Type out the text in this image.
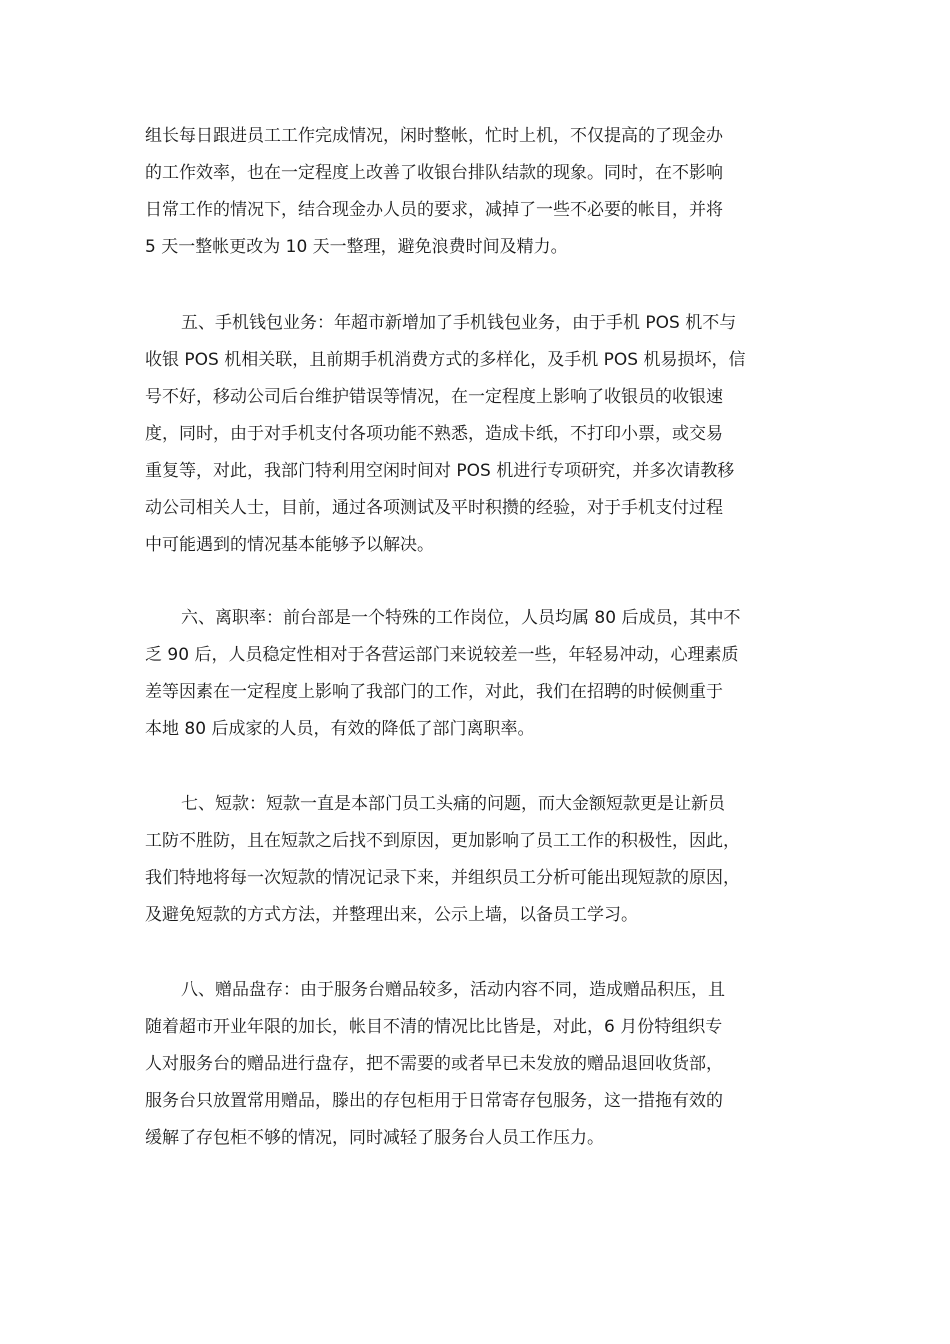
组长每日跟进员工工作完成情况，闲时整帐，忙时上机，不仅提高的了现金办
的工作效率，也在一定程度上改善了收银台排队结款的现象。同时，在不影响
日常工作的情况下，结合现金办人员的要求，减掉了一些不必要的帐目，并将
5 天一整帐更改为 10 天一整理，避免浪费时间及精力。

五、手机钱包业务：年超市新增加了手机钱包业务，由于手机 POS 机不与
收银 POS 机相关联，且前期手机消费方式的多样化，及手机 POS 机易损坏，信
号不好，移动公司后台维护错误等情况，在一定程度上影响了收银员的收银速
度，同时，由于对手机支付各项功能不熟悉，造成卡纸，不打印小票，或交易
重复等，对此，我部门特利用空闲时间对 POS 机进行专项研究，并多次请教移
动公司相关人士，目前，通过各项测试及平时积攒的经验，对于手机支付过程
中可能遇到的情况基本能够予以解决。

六、离职率：前台部是一个特殊的工作岗位，人员均属 80 后成员，其中不
乏 90 后，人员稳定性相对于各营运部门来说较差一些，年轻易冲动，心理素质
差等因素在一定程度上影响了我部门的工作，对此，我们在招聘的时候侧重于
本地 80 后成家的人员，有效的降低了部门离职率。

七、短款：短款一直是本部门员工头痛的问题，而大金额短款更是让新员
工防不胜防，且在短款之后找不到原因，更加影响了员工工作的积极性，因此，
我们特地将每一次短款的情况记录下来，并组织员工分析可能出现短款的原因，
及避免短款的方式方法，并整理出来，公示上墙，以备员工学习。

八、赠品盘存：由于服务台赠品较多，活动内容不同，造成赠品积压，且
随着超市开业年限的加长，帐目不清的情况比比皆是，对此，6 月份特组织专
人对服务台的赠品进行盘存，把不需要的或者早已未发放的赠品退回收货部，
服务台只放置常用赠品，滕出的存包柜用于日常寄存包服务，这一措拖有效的
缓解了存包柜不够的情况，同时减轻了服务台人员工作压力。
